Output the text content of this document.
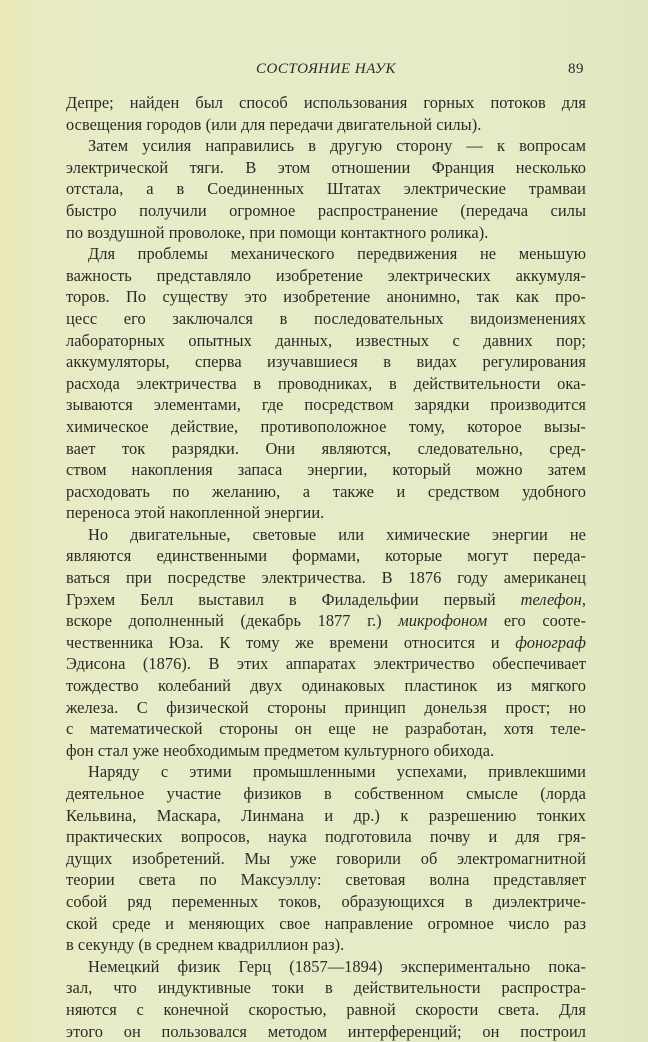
СОСТОЯНИЕ НАУК	89
Депре; найден был способ использования горных потоков для
освещения городов (или для передачи двигательной силы).
Затем усилия направились в другую сторону — к вопросам
электрической тяги. В этом отношении Франция несколько
отстала, а в Соединенных Штатах электрические трамваи
быстро получили огромное распространение (передача силы
по воздушной проволоке, при помощи контактного ролика).
Для проблемы механического передвижения не меньшую
важность представляло изобретение электрических аккумуля-
торов. По существу это изобретение анонимно, так как про-
цесс его заключался в последовательных видоизменениях
лабораторных опытных данных, известных с давних пор;
аккумуляторы, сперва изучавшиеся в видах регулирования
расхода электричества в проводниках, в действительности ока-
зываются элементами, где посредством зарядки производится
химическое действие, противоположное тому, которое вызы-
вает ток разрядки. Они являются, следовательно, сред-
ством накопления запаса энергии, который можно затем
расходовать по желанию, а также и средством удобного
переноса этой накопленной энергии.
Но двигательные, световые или химические энергии не
являются единственными формами, которые могут переда-
ваться при посредстве электричества. В 1876 году американец
Грэхем Белл выставил в Филадельфии первый телефон,
вскоре дополненный (декабрь 1877 г.) микрофоном его сооте-
чественника Юза. К тому же времени относится и фонограф
Эдисона (1876). В этих аппаратах электричество обеспечивает
тождество колебаний двух одинаковых пластинок из мягкого
железа. С физической стороны принцип донельзя прост; но
с математической стороны он еще не разработан, хотя теле-
фон стал уже необходимым предметом культурного обихода.
Наряду с этими промышленными успехами, привлекшими
деятельное участие физиков в собственном смысле (лорда
Кельвина, Маскара, Линмана и др.) к разрешению тонких
практических вопросов, наука подготовила почву и для гря-
дущих изобретений. Мы уже говорили об электромагнитной
теории света по Максуэллу: световая волна представляет
собой ряд переменных токов, образующихся в диэлектриче-
ской среде и меняющих свое направление огромное число раз
в секунду (в среднем квадриллион раз).
Немецкий физик Герц (1857—1894) экспериментально пока-
зал, что индуктивные токи в действительности распростра-
няются с конечной скоростью, равной скорости света. Для
этого он пользовался методом интерференций; он построил
